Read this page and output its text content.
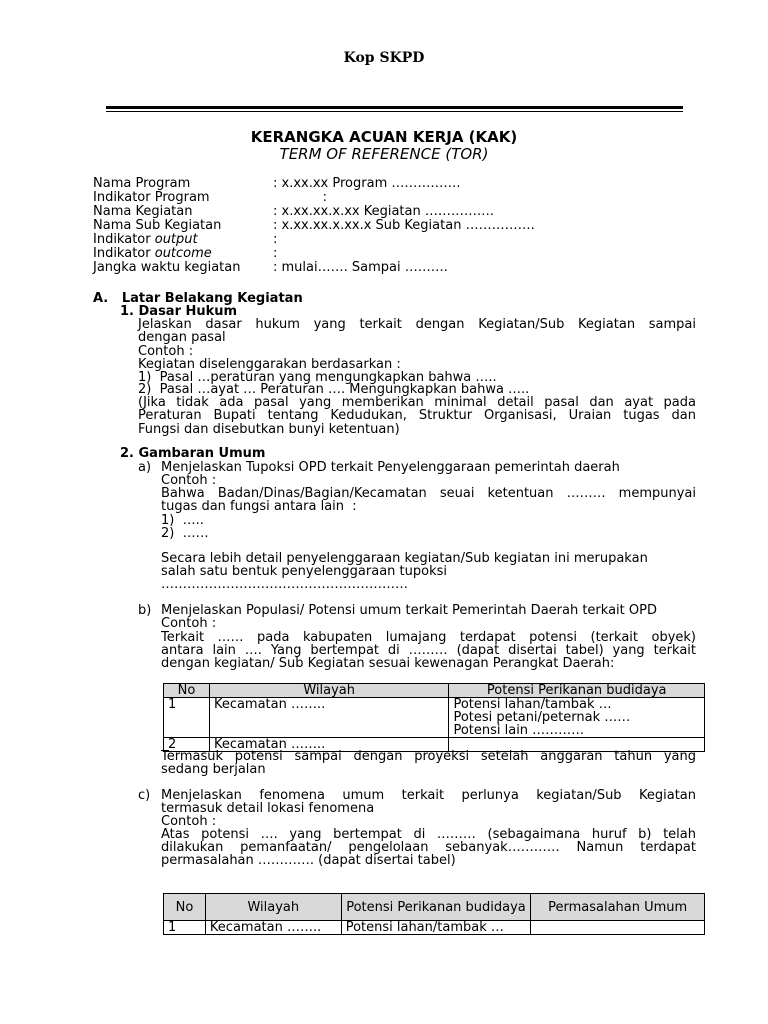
Kop SKPD
KERANGKA ACUAN KERJA (KAK)
TERM OF REFERENCE (TOR)
Nama Program	: x.xx.xx Program …………….
Indikator Program	:
Nama Kegiatan	: x.xx.xx.x.xx Kegiatan …………….
Nama Sub Kegiatan	: x.xx.xx.x.xx.x Sub Kegiatan …………….
Indikator output	:
Indikator outcome	:
Jangka waktu kegiatan	: mulai……. Sampai ……….
A.   Latar Belakang Kegiatan
1. Dasar Hukum
Jelaskan dasar hukum yang terkait dengan Kegiatan/Sub Kegiatan sampai
dengan pasal
Contoh :
Kegiatan diselenggarakan berdasarkan :
1)  Pasal …peraturan yang mengungkapkan bahwa …..
2)  Pasal …ayat … Peraturan …. Mengungkapkan bahwa …..
(Jika tidak ada pasal yang memberikan minimal detail pasal dan ayat pada
Peraturan Bupati tentang Kedudukan, Struktur Organisasi, Uraian tugas dan
Fungsi dan disebutkan bunyi ketentuan)
2. Gambaran Umum
a) Menjelaskan Tupoksi OPD terkait Penyelenggaraan pemerintah daerah
Contoh :
Bahwa Badan/Dinas/Bagian/Kecamatan seuai ketentuan ……… mempunyai
tugas dan fungsi antara lain  :
1)  …..
2)  ……
Secara lebih detail penyelenggaraan kegiatan/Sub kegiatan ini merupakan
salah satu bentuk penyelenggaraan tupoksi
…………………………………………………
b) Menjelaskan Populasi/ Potensi umum terkait Pemerintah Daerah terkait OPD
Contoh :
Terkait …… pada kabupaten lumajang terdapat potensi (terkait obyek)
antara lain …. Yang bertempat di ……… (dapat disertai tabel) yang terkait
dengan kegiatan/ Sub Kegiatan sesuai kewenagan Perangkat Daerah:
No	Wilayah	Potensi Perikanan budidaya
1	Kecamatan ……..	Potensi lahan/tambak …
Potesi petani/peternak ……
Potensi lain …………

2	Kecamatan ……..	
Termasuk potensi sampai dengan proyeksi setelah anggaran tahun yang
sedang berjalan
c) Menjelaskan fenomena umum terkait perlunya kegiatan/Sub Kegiatan
termasuk detail lokasi fenomena
Contoh :
Atas potensi …. yang bertempat di ……… (sebagaimana huruf b) telah
dilakukan pemanfaatan/ pengelolaan sebanyak………… Namun terdapat
permasalahan …………. (dapat disertai tabel)
No	Wilayah	Potensi Perikanan budidaya	Permasalahan Umum
1	Kecamatan ……..	Potensi lahan/tambak …	
